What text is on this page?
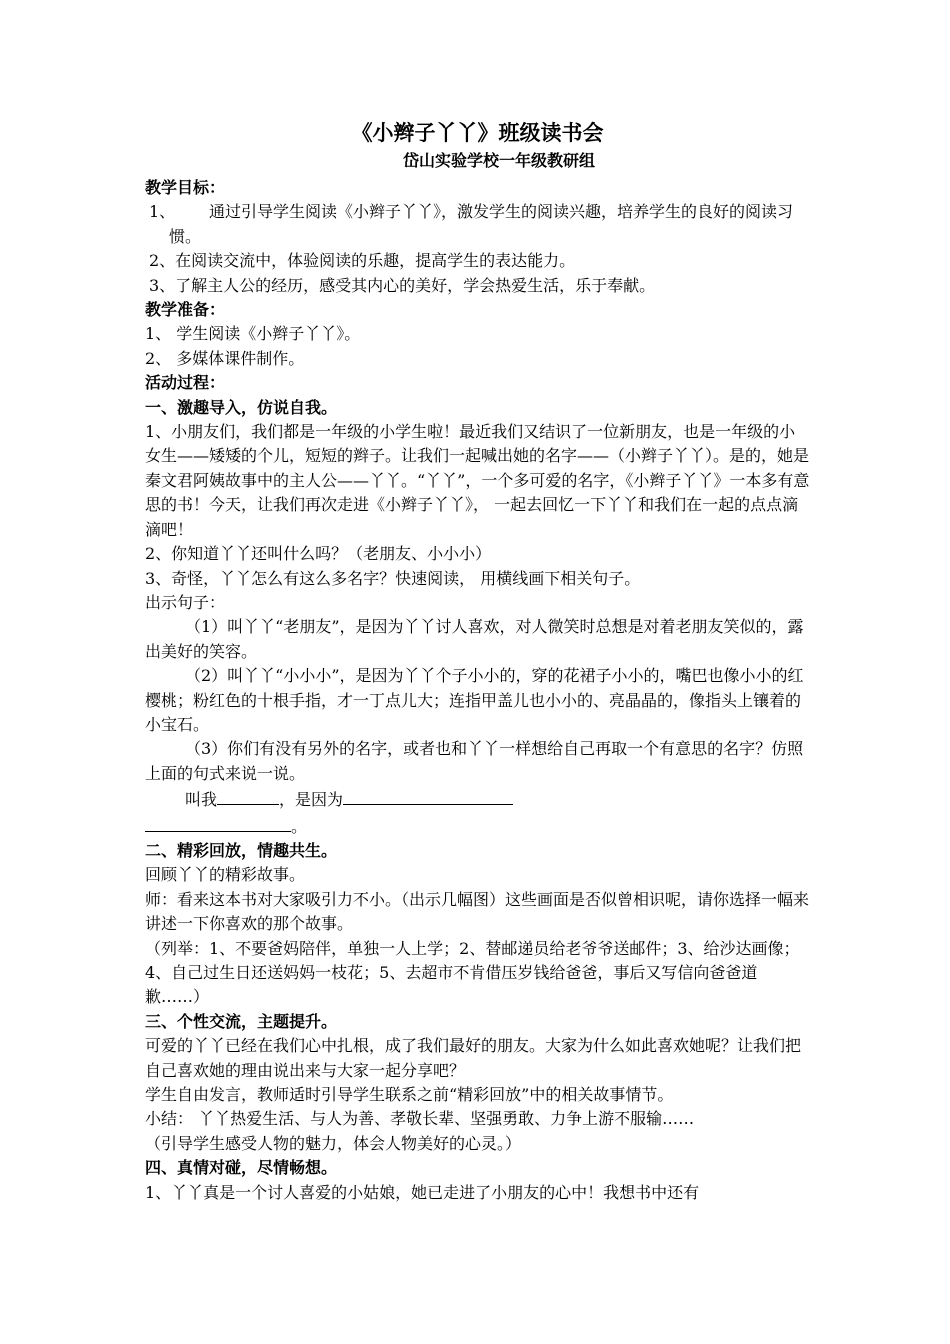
《小辫子丫丫》班级读书会

岱山实验学校一年级教研组

教学目标：

1、 通过引导学生阅读《小辫子丫丫》，激发学生的阅读兴趣，培养学生的良好的阅读习惯。

2、在阅读交流中，体验阅读的乐趣，提高学生的表达能力。

3、了解主人公的经历，感受其内心的美好，学会热爱生活，乐于奉献。

教学准备：

1、 学生阅读《小辫子丫丫》。

2、 多媒体课件制作。

活动过程：

一、激趣导入，仿说自我。

1、小朋友们，我们都是一年级的小学生啦！最近我们又结识了一位新朋友，也是一年级的小女生——矮矮的个儿，短短的辫子。让我们一起喊出她的名字——（小辫子丫丫）。是的，她是秦文君阿姨故事中的主人公——丫丫。“丫丫”，一个多可爱的名字，《小辫子丫丫》一本多有意思的书！今天，让我们再次走进《小辫子丫丫》， 一起去回忆一下丫丫和我们在一起的点点滴滴吧！

2、你知道丫丫还叫什么吗？（老朋友、小小小）

3、奇怪，丫丫怎么有这么多名字？快速阅读， 用横线画下相关句子。

出示句子：

（1）叫丫丫“老朋友”，是因为丫丫讨人喜欢，对人微笑时总想是对着老朋友笑似的，露出美好的笑容。

（2）叫丫丫“小小小”，是因为丫丫个子小小的，穿的花裙子小小的，嘴巴也像小小的红樱桃；粉红色的十根手指，才一丁点儿大；连指甲盖儿也小小的、亮晶晶的，像指头上镶着的小宝石。

（3）你们有没有另外的名字，或者也和丫丫一样想给自己再取一个有意思的名字？仿照上面的句式来说一说。

叫我	，是因为

。

二、精彩回放，情趣共生。

回顾丫丫的精彩故事。

师：看来这本书对大家吸引力不小。（出示几幅图）这些画面是否似曾相识呢，请你选择一幅来讲述一下你喜欢的那个故事。

（列举：1、不要爸妈陪伴，单独一人上学；2、替邮递员给老爷爷送邮件；3、给沙达画像；4、自己过生日还送妈妈一枝花；5、去超市不肯借压岁钱给爸爸，事后又写信向爸爸道歉……）

三、个性交流，主题提升。

可爱的丫丫已经在我们心中扎根，成了我们最好的朋友。大家为什么如此喜欢她呢？让我们把自己喜欢她的理由说出来与大家一起分享吧？

学生自由发言，教师适时引导学生联系之前“精彩回放”中的相关故事情节。

小结： 丫丫热爱生活、与人为善、孝敬长辈、坚强勇敢、力争上游不服输……

（引导学生感受人物的魅力，体会人物美好的心灵。）

四、真情对碰，尽情畅想。

1、丫丫真是一个讨人喜爱的小姑娘，她已走进了小朋友的心中！我想书中还有
